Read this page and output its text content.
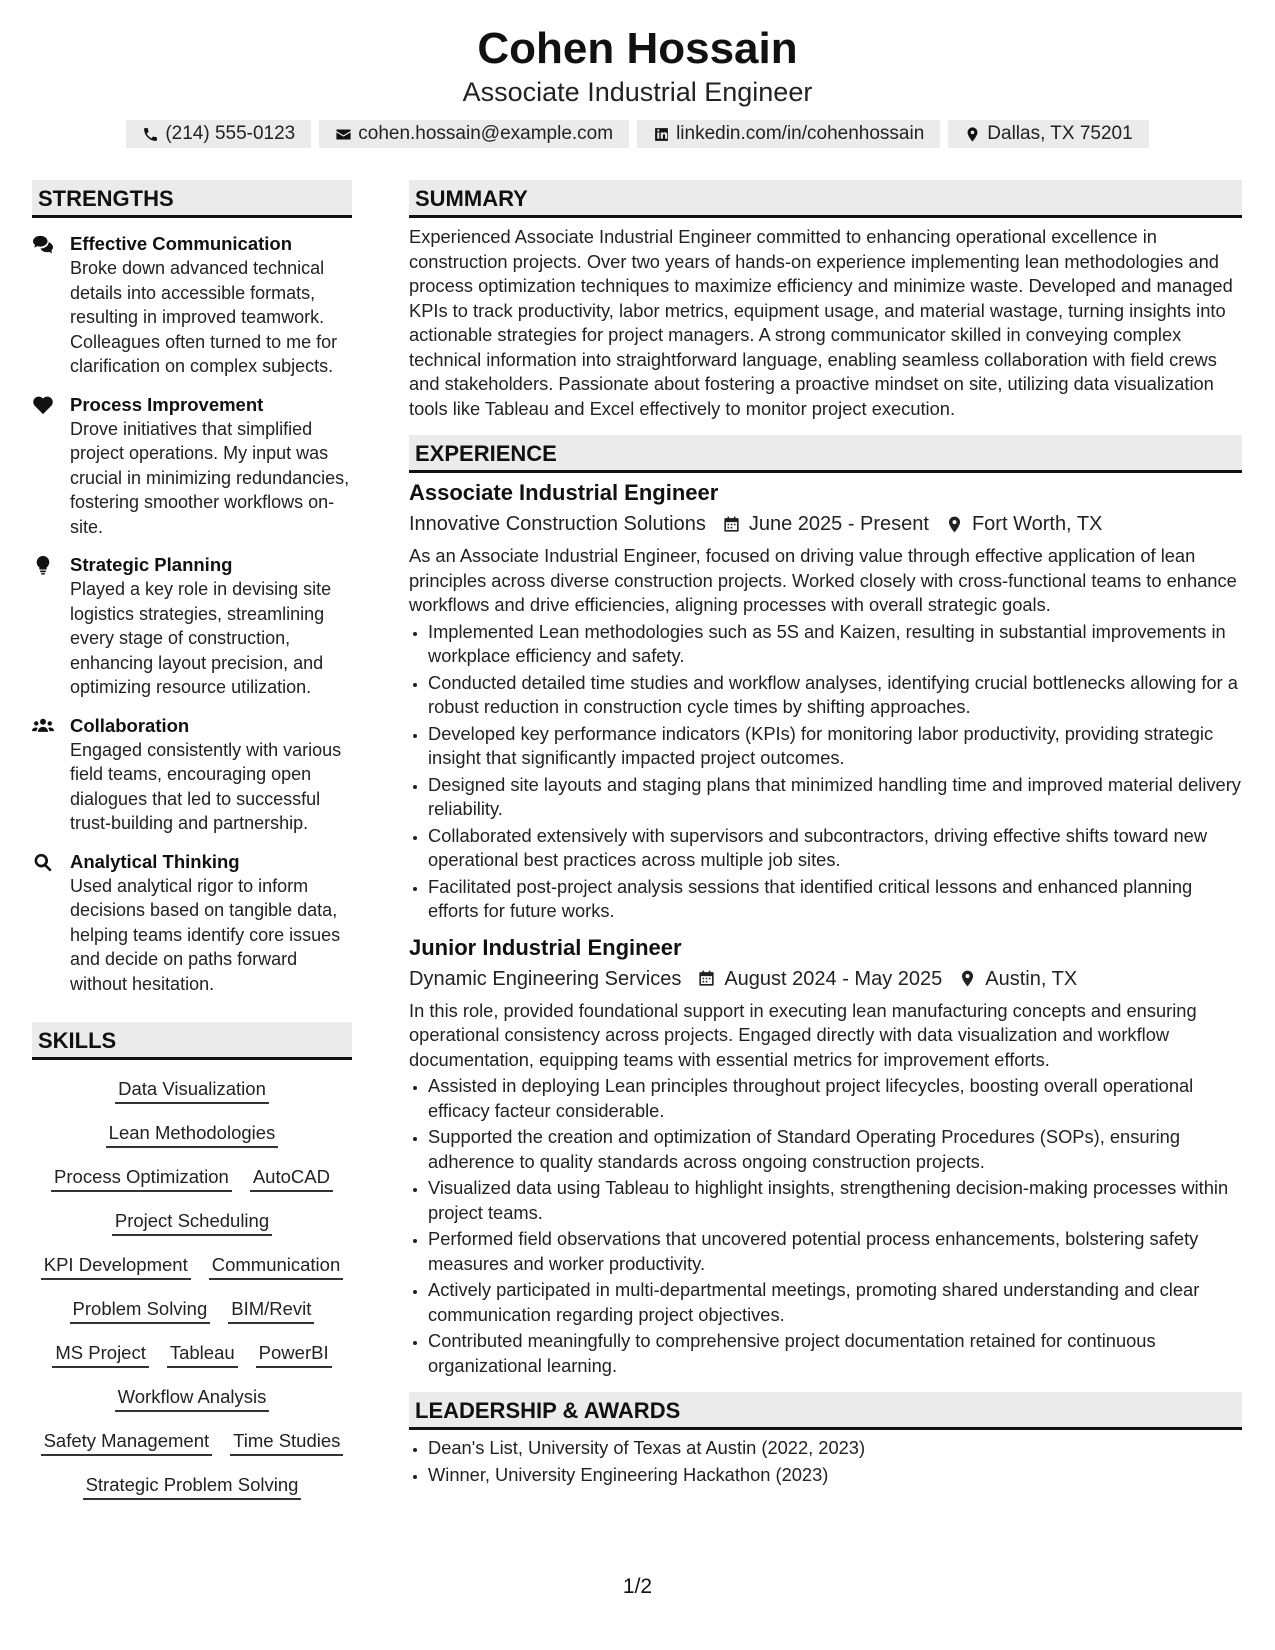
Cohen Hossain
Associate Industrial Engineer
(214) 555-0123	cohen.hossain@example.com	linkedin.com/in/cohenhossain	Dallas, TX 75201
STRENGTHS
Effective Communication
Broke down advanced technical details into accessible formats, resulting in improved teamwork. Colleagues often turned to me for clarification on complex subjects.
Process Improvement
Drove initiatives that simplified project operations. My input was crucial in minimizing redundancies, fostering smoother workflows on-site.
Strategic Planning
Played a key role in devising site logistics strategies, streamlining every stage of construction, enhancing layout precision, and optimizing resource utilization.
Collaboration
Engaged consistently with various field teams, encouraging open dialogues that led to successful trust-building and partnership.
Analytical Thinking
Used analytical rigor to inform decisions based on tangible data, helping teams identify core issues and decide on paths forward without hesitation.
SKILLS
Data Visualization
Lean Methodologies
Process Optimization AutoCAD
Project Scheduling
KPI Development Communication
Problem Solving BIM/Revit
MS Project Tableau PowerBI
Workflow Analysis
Safety Management Time Studies
Strategic Problem Solving
SUMMARY
Experienced Associate Industrial Engineer committed to enhancing operational excellence in construction projects. Over two years of hands-on experience implementing lean methodologies and process optimization techniques to maximize efficiency and minimize waste. Developed and managed KPIs to track productivity, labor metrics, equipment usage, and material wastage, turning insights into actionable strategies for project managers. A strong communicator skilled in conveying complex technical information into straightforward language, enabling seamless collaboration with field crews and stakeholders. Passionate about fostering a proactive mindset on site, utilizing data visualization tools like Tableau and Excel effectively to monitor project execution.
EXPERIENCE
Associate Industrial Engineer
Innovative Construction Solutions June 2025 - Present Fort Worth, TX
As an Associate Industrial Engineer, focused on driving value through effective application of lean principles across diverse construction projects. Worked closely with cross-functional teams to enhance workflows and drive efficiencies, aligning processes with overall strategic goals.
• Implemented Lean methodologies such as 5S and Kaizen, resulting in substantial improvements in workplace efficiency and safety.
• Conducted detailed time studies and workflow analyses, identifying crucial bottlenecks allowing for a robust reduction in construction cycle times by shifting approaches.
• Developed key performance indicators (KPIs) for monitoring labor productivity, providing strategic insight that significantly impacted project outcomes.
• Designed site layouts and staging plans that minimized handling time and improved material delivery reliability.
• Collaborated extensively with supervisors and subcontractors, driving effective shifts toward new operational best practices across multiple job sites.
• Facilitated post-project analysis sessions that identified critical lessons and enhanced planning efforts for future works.
Junior Industrial Engineer
Dynamic Engineering Services August 2024 - May 2025 Austin, TX
In this role, provided foundational support in executing lean manufacturing concepts and ensuring operational consistency across projects. Engaged directly with data visualization and workflow documentation, equipping teams with essential metrics for improvement efforts.
• Assisted in deploying Lean principles throughout project lifecycles, boosting overall operational efficacy facteur considerable.
• Supported the creation and optimization of Standard Operating Procedures (SOPs), ensuring adherence to quality standards across ongoing construction projects.
• Visualized data using Tableau to highlight insights, strengthening decision-making processes within project teams.
• Performed field observations that uncovered potential process enhancements, bolstering safety measures and worker productivity.
• Actively participated in multi-departmental meetings, promoting shared understanding and clear communication regarding project objectives.
• Contributed meaningfully to comprehensive project documentation retained for continuous organizational learning.
LEADERSHIP & AWARDS
• Dean's List, University of Texas at Austin (2022, 2023)
• Winner, University Engineering Hackathon (2023)
1/2
